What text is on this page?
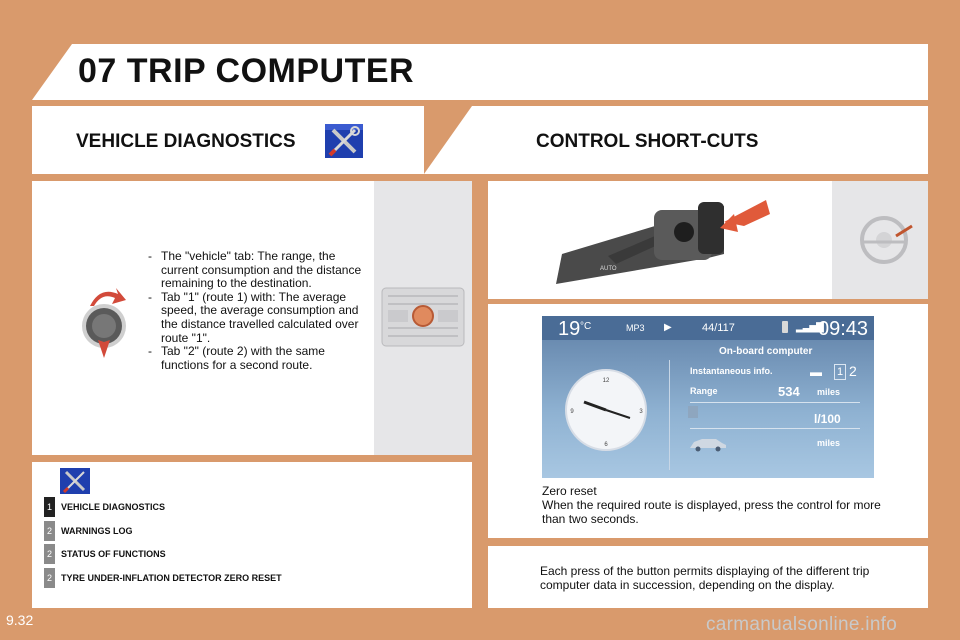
07 TRIP COMPUTER
VEHICLE DIAGNOSTICS	CONTROL SHORT-CUTS
- The "vehicle" tab: The range, the current consumption and the distance remaining to the destination.
- Tab "1" (route 1) with: The average speed, the average consumption and the distance travelled calculated over route "1".
- Tab "2" (route 2) with the same functions for a second route.
1	VEHICLE DIAGNOSTICS
2	WARNINGS LOG
2	STATUS OF FUNCTIONS
2	TYRE UNDER-INFLATION DETECTOR ZERO RESET
AUTO
19 °C	MP3 ▶	44/117	▂▃▅▇
09:43
On-board computer
12
3
6
9
Instantaneous info.	▬ 1 2
Range	534 miles
l/100
miles
Zero reset
When the required route is displayed, press the control for more than two seconds.
Each press of the button permits displaying of the different trip computer data in succession, depending on the display.
9.32	carmanualsonline.info
